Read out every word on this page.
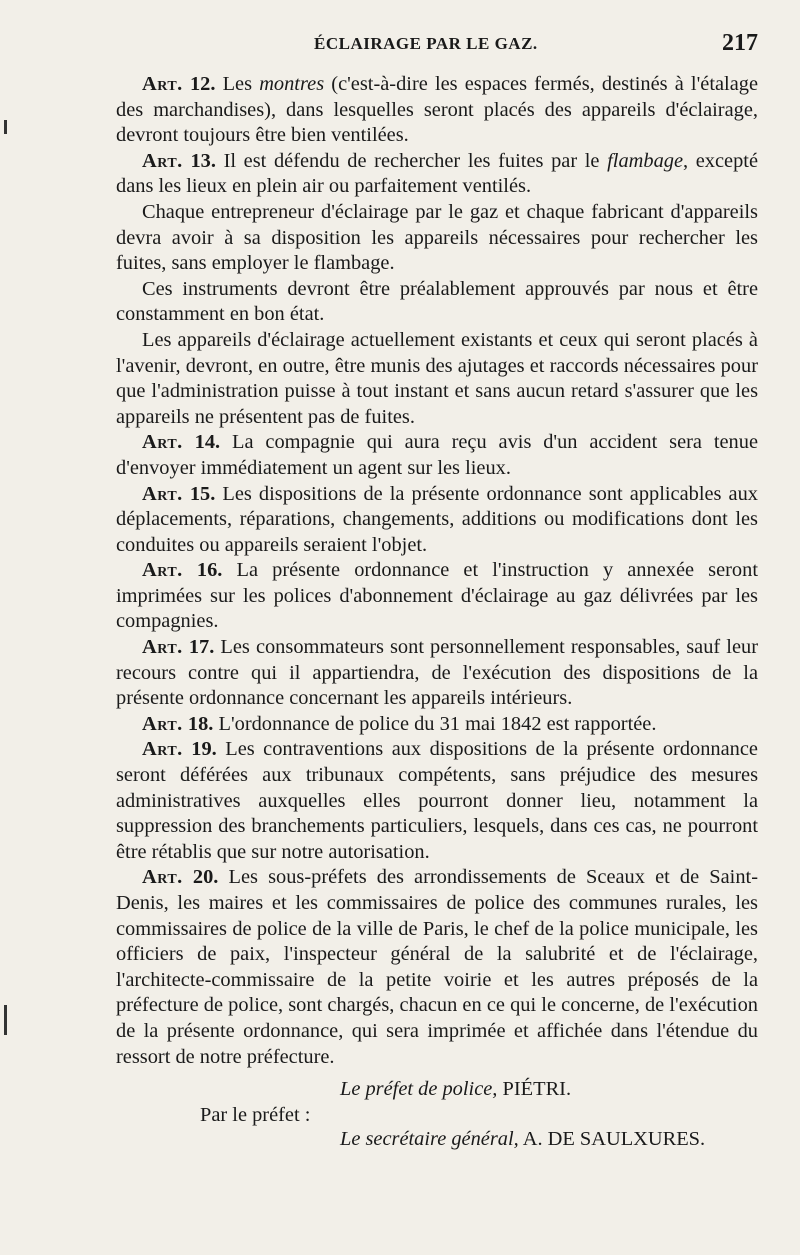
ÉCLAIRAGE PAR LE GAZ.	217

Art. 12. Les montres (c'est-à-dire les espaces fermés, destinés à l'étalage des marchandises), dans lesquelles seront placés des appareils d'éclairage, devront toujours être bien ventilées.

Art. 13. Il est défendu de rechercher les fuites par le flambage, excepté dans les lieux en plein air ou parfaitement ventilés.

Chaque entrepreneur d'éclairage par le gaz et chaque fabricant d'appareils devra avoir à sa disposition les appareils nécessaires pour rechercher les fuites, sans employer le flambage.

Ces instruments devront être préalablement approuvés par nous et être constamment en bon état.

Les appareils d'éclairage actuellement existants et ceux qui seront placés à l'avenir, devront, en outre, être munis des ajutages et raccords nécessaires pour que l'administration puisse à tout instant et sans aucun retard s'assurer que les appareils ne présentent pas de fuites.

Art. 14. La compagnie qui aura reçu avis d'un accident sera tenue d'envoyer immédiatement un agent sur les lieux.

Art. 15. Les dispositions de la présente ordonnance sont applicables aux déplacements, réparations, changements, additions ou modifications dont les conduites ou appareils seraient l'objet.

Art. 16. La présente ordonnance et l'instruction y annexée seront imprimées sur les polices d'abonnement d'éclairage au gaz délivrées par les compagnies.

Art. 17. Les consommateurs sont personnellement responsables, sauf leur recours contre qui il appartiendra, de l'exécution des dispositions de la présente ordonnance concernant les appareils intérieurs.

Art. 18. L'ordonnance de police du 31 mai 1842 est rapportée.

Art. 19. Les contraventions aux dispositions de la présente ordonnance seront déférées aux tribunaux compétents, sans préjudice des mesures administratives auxquelles elles pourront donner lieu, notamment la suppression des branchements particuliers, lesquels, dans ces cas, ne pourront être rétablis que sur notre autorisation.

Art. 20. Les sous-préfets des arrondissements de Sceaux et de Saint-Denis, les maires et les commissaires de police des communes rurales, les commissaires de police de la ville de Paris, le chef de la police municipale, les officiers de paix, l'inspecteur général de la salubrité et de l'éclairage, l'architecte-commissaire de la petite voirie et les autres préposés de la préfecture de police, sont chargés, chacun en ce qui le concerne, de l'exécution de la présente ordonnance, qui sera imprimée et affichée dans l'étendue du ressort de notre préfecture.

Le préfet de police, PIÉTRI.
Par le préfet :
Le secrétaire général, A. DE SAULXURES.
